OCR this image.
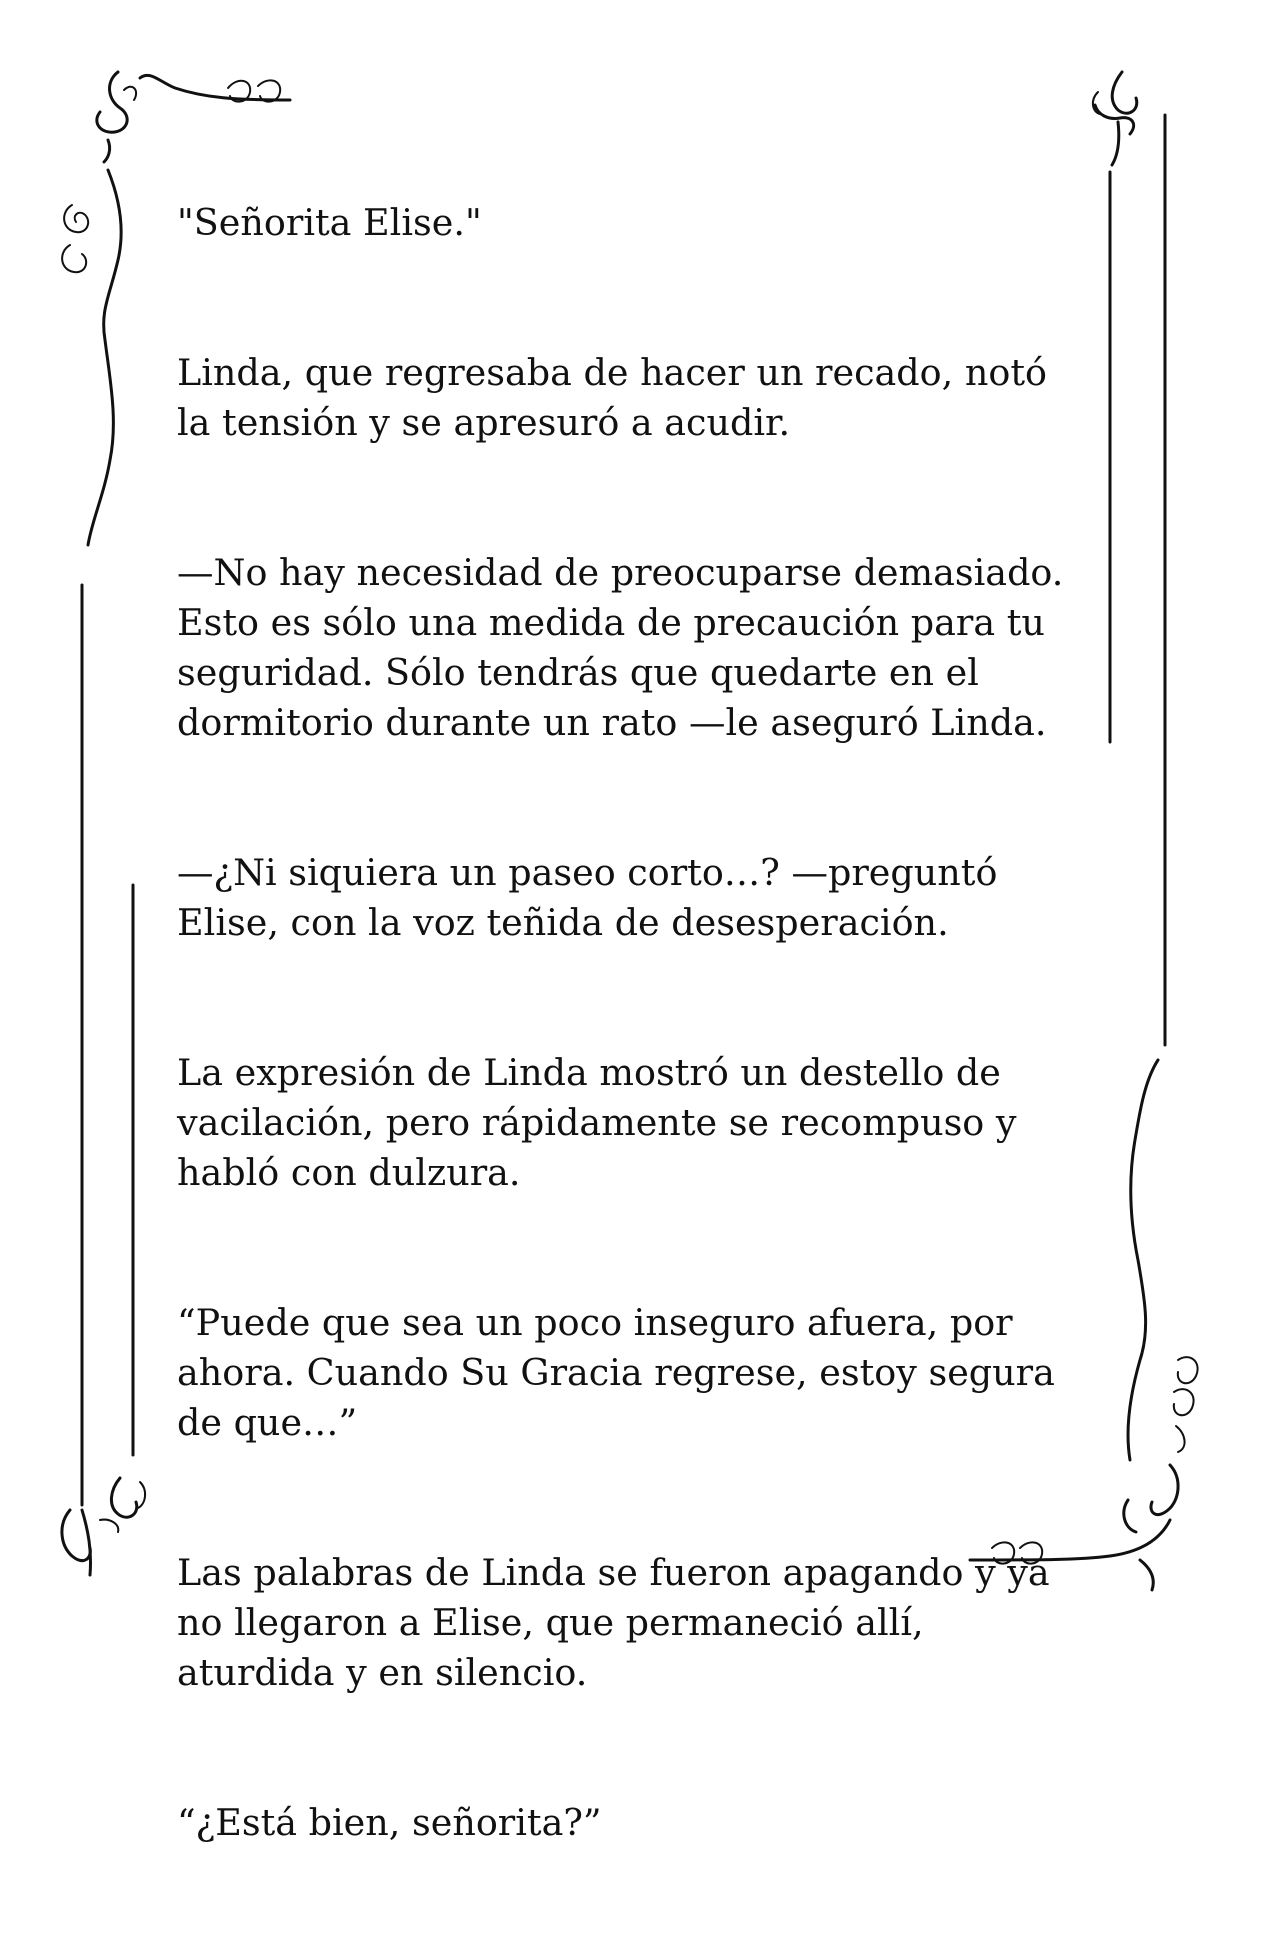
"Señorita Elise."

Linda, que regresaba de hacer un recado, notó
la tensión y se apresuró a acudir.

—No hay necesidad de preocuparse demasiado.
Esto es sólo una medida de precaución para tu
seguridad. Sólo tendrás que quedarte en el
dormitorio durante un rato —le aseguró Linda.

—¿Ni siquiera un paseo corto…? —preguntó
Elise, con la voz teñida de desesperación.

La expresión de Linda mostró un destello de
vacilación, pero rápidamente se recompuso y
habló con dulzura.

“Puede que sea un poco inseguro afuera, por
ahora. Cuando Su Gracia regrese, estoy segura
de que…”

Las palabras de Linda se fueron apagando y ya
no llegaron a Elise, que permaneció allí,
aturdida y en silencio.

“¿Está bien, señorita?”
